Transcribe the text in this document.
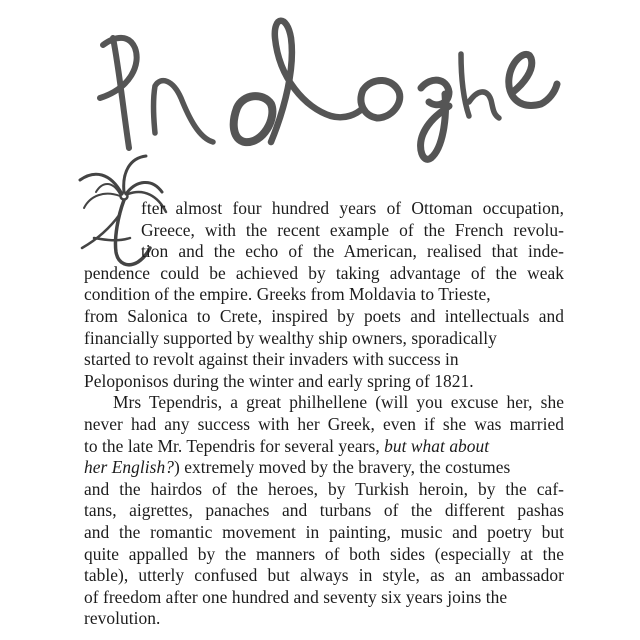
fter almost four hundred years of Ottoman occupation,
Greece, with the recent example of the French revolu-
tion and the echo of the American, realised that inde-
pendence could be achieved by taking advantage of the weak
condition of the empire. Greeks from Moldavia to Trieste,
from Salonica to Crete, inspired by poets and intellectuals and
financially supported by wealthy ship owners, sporadically
started to revolt against their invaders with success in
Peloponisos during the winter and early spring of 1821.
Mrs Tependris, a great philhellene (will you excuse her, she
never had any success with her Greek, even if she was married
to the late Mr. Tependris for several years, but what about
her English?) extremely moved by the bravery, the costumes
and the hairdos of the heroes, by Turkish heroin, by the caf-
tans, aigrettes, panaches and turbans of the different pashas
and the romantic movement in painting, music and poetry but
quite appalled by the manners of both sides (especially at the
table), utterly confused but always in style, as an ambassador
of freedom after one hundred and seventy six years joins the
revolution.
